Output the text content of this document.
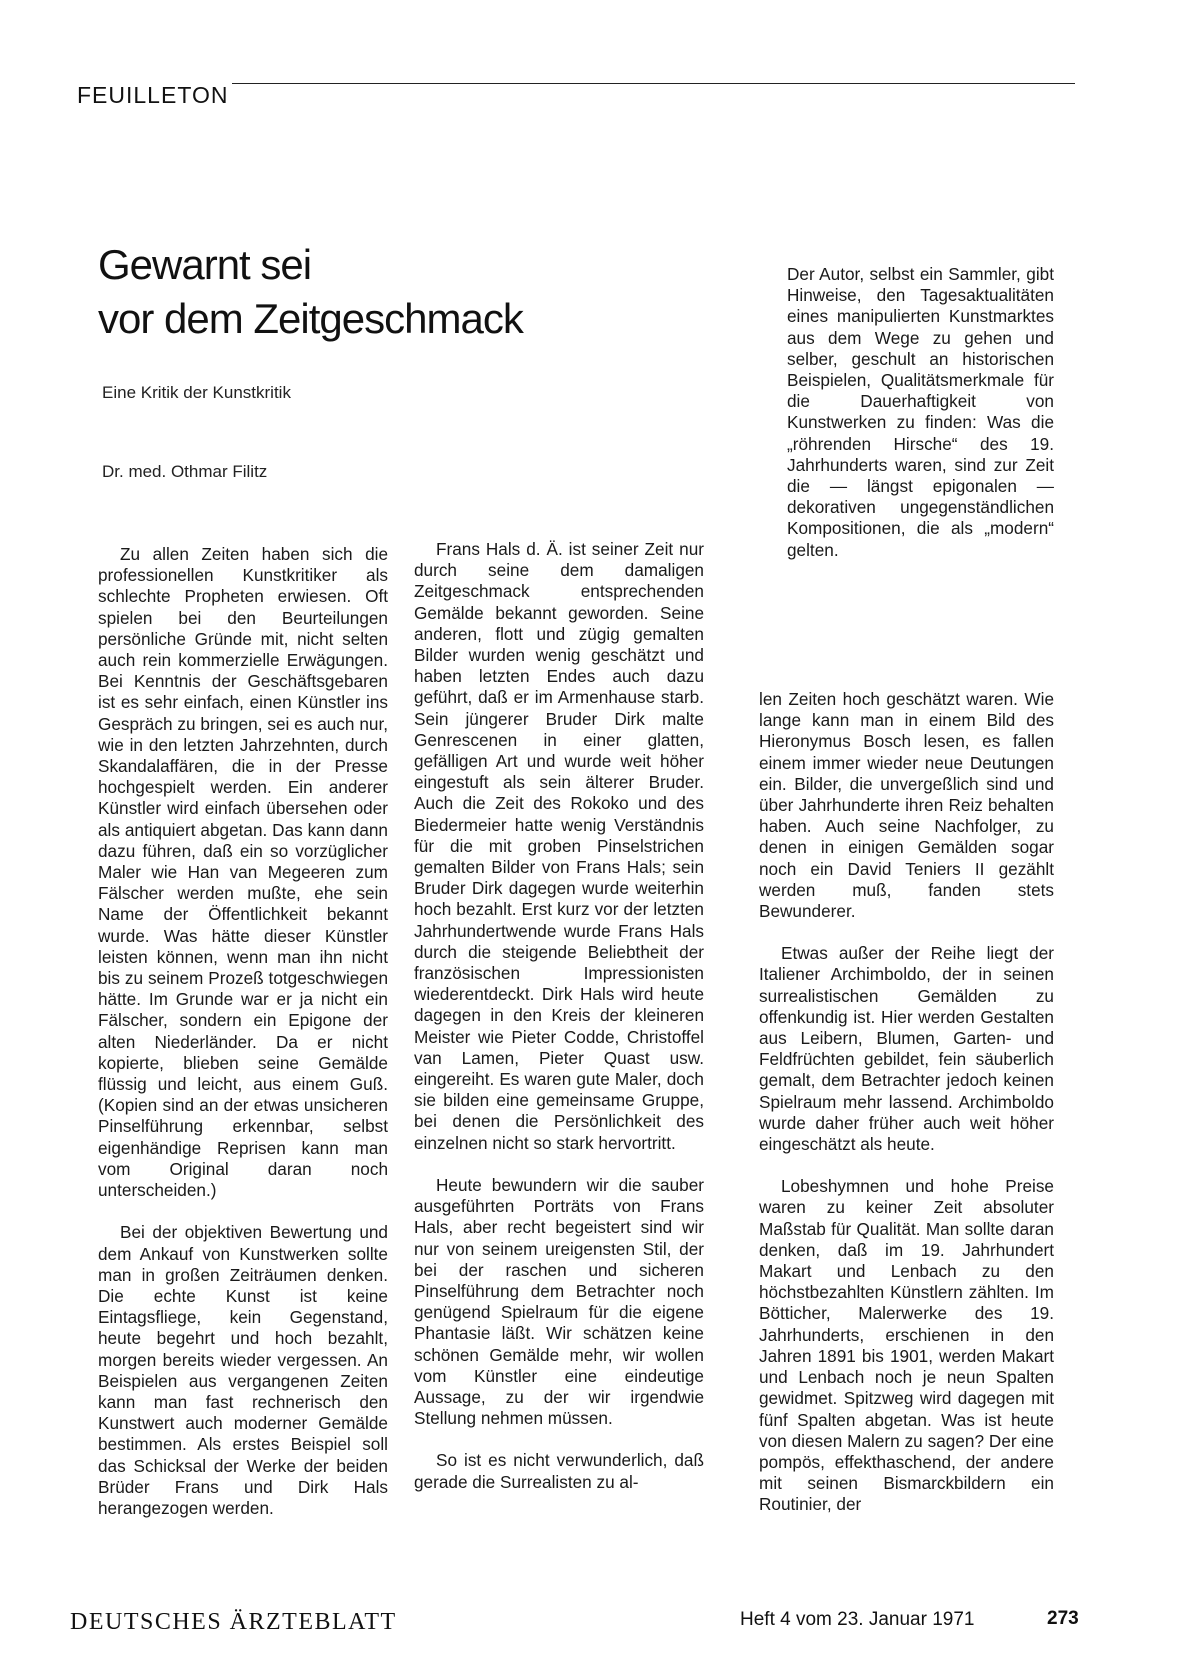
FEUILLETON
Gewarnt sei
vor dem Zeitgeschmack
Eine Kritik der Kunstkritik
Dr. med. Othmar Filitz

Der Autor, selbst ein Sammler, gibt Hinweise, den Tagesaktualitäten eines manipulierten Kunstmarktes aus dem Wege zu gehen und selber, geschult an historischen Beispielen, Qualitätsmerkmale für die Dauerhaftigkeit von Kunstwerken zu finden: Was die „röhrenden Hirsche“ des 19. Jahrhunderts waren, sind zur Zeit die — längst epigonalen — dekorativen ungegenständlichen Kompositionen, die als „modern“ gelten.

Zu allen Zeiten haben sich die professionellen Kunstkritiker als schlechte Propheten erwiesen. Oft spielen bei den Beurteilungen persönliche Gründe mit, nicht selten auch rein kommerzielle Erwägungen. Bei Kenntnis der Geschäftsgebaren ist es sehr einfach, einen Künstler ins Gespräch zu bringen, sei es auch nur, wie in den letzten Jahrzehnten, durch Skandalaffären, die in der Presse hochgespielt werden. Ein anderer Künstler wird einfach übersehen oder als antiquiert abgetan. Das kann dann dazu führen, daß ein so vorzüglicher Maler wie Han van Megeeren zum Fälscher werden mußte, ehe sein Name der Öffentlichkeit bekannt wurde. Was hätte dieser Künstler leisten können, wenn man ihn nicht bis zu seinem Prozeß totgeschwiegen hätte. Im Grunde war er ja nicht ein Fälscher, sondern ein Epigone der alten Niederländer. Da er nicht kopierte, blieben seine Gemälde flüssig und leicht, aus einem Guß. (Kopien sind an der etwas unsicheren Pinselführung erkennbar, selbst eigenhändige Reprisen kann man vom Original daran noch unterscheiden.)

Bei der objektiven Bewertung und dem Ankauf von Kunstwerken sollte man in großen Zeiträumen denken. Die echte Kunst ist keine Eintagsfliege, kein Gegenstand, heute begehrt und hoch bezahlt, morgen bereits wieder vergessen. An Beispielen aus vergangenen Zeiten kann man fast rechnerisch den Kunstwert auch moderner Gemälde bestimmen. Als erstes Beispiel soll das Schicksal der Werke der beiden Brüder Frans und Dirk Hals herangezogen werden.

Frans Hals d. Ä. ist seiner Zeit nur durch seine dem damaligen Zeitgeschmack entsprechenden Gemälde bekannt geworden. Seine anderen, flott und zügig gemalten Bilder wurden wenig geschätzt und haben letzten Endes auch dazu geführt, daß er im Armenhause starb. Sein jüngerer Bruder Dirk malte Genrescenen in einer glatten, gefälligen Art und wurde weit höher eingestuft als sein älterer Bruder. Auch die Zeit des Rokoko und des Biedermeier hatte wenig Verständnis für die mit groben Pinselstrichen gemalten Bilder von Frans Hals; sein Bruder Dirk dagegen wurde weiterhin hoch bezahlt. Erst kurz vor der letzten Jahrhundertwende wurde Frans Hals durch die steigende Beliebtheit der französischen Impressionisten wiederentdeckt. Dirk Hals wird heute dagegen in den Kreis der kleineren Meister wie Pieter Codde, Christoffel van Lamen, Pieter Quast usw. eingereiht. Es waren gute Maler, doch sie bilden eine gemeinsame Gruppe, bei denen die Persönlichkeit des einzelnen nicht so stark hervortritt.

Heute bewundern wir die sauber ausgeführten Porträts von Frans Hals, aber recht begeistert sind wir nur von seinem ureigensten Stil, der bei der raschen und sicheren Pinselführung dem Betrachter noch genügend Spielraum für die eigene Phantasie läßt. Wir schätzen keine schönen Gemälde mehr, wir wollen vom Künstler eine eindeutige Aussage, zu der wir irgendwie Stellung nehmen müssen.

So ist es nicht verwunderlich, daß gerade die Surrealisten zu al-

len Zeiten hoch geschätzt waren. Wie lange kann man in einem Bild des Hieronymus Bosch lesen, es fallen einem immer wieder neue Deutungen ein. Bilder, die unvergeßlich sind und über Jahrhunderte ihren Reiz behalten haben. Auch seine Nachfolger, zu denen in einigen Gemälden sogar noch ein David Teniers II gezählt werden muß, fanden stets Bewunderer.

Etwas außer der Reihe liegt der Italiener Archimboldo, der in seinen surrealistischen Gemälden zu offenkundig ist. Hier werden Gestalten aus Leibern, Blumen, Garten- und Feldfrüchten gebildet, fein säuberlich gemalt, dem Betrachter jedoch keinen Spielraum mehr lassend. Archimboldo wurde daher früher auch weit höher eingeschätzt als heute.

Lobeshymnen und hohe Preise waren zu keiner Zeit absoluter Maßstab für Qualität. Man sollte daran denken, daß im 19. Jahrhundert Makart und Lenbach zu den höchstbezahlten Künstlern zählten. Im Bötticher, Malerwerke des 19. Jahrhunderts, erschienen in den Jahren 1891 bis 1901, werden Makart und Lenbach noch je neun Spalten gewidmet. Spitzweg wird dagegen mit fünf Spalten abgetan. Was ist heute von diesen Malern zu sagen? Der eine pompös, effekthaschend, der andere mit seinen Bismarckbildern ein Routinier, der

DEUTSCHES ÄRZTEBLATT	Heft 4 vom 23. Januar 1971	273
